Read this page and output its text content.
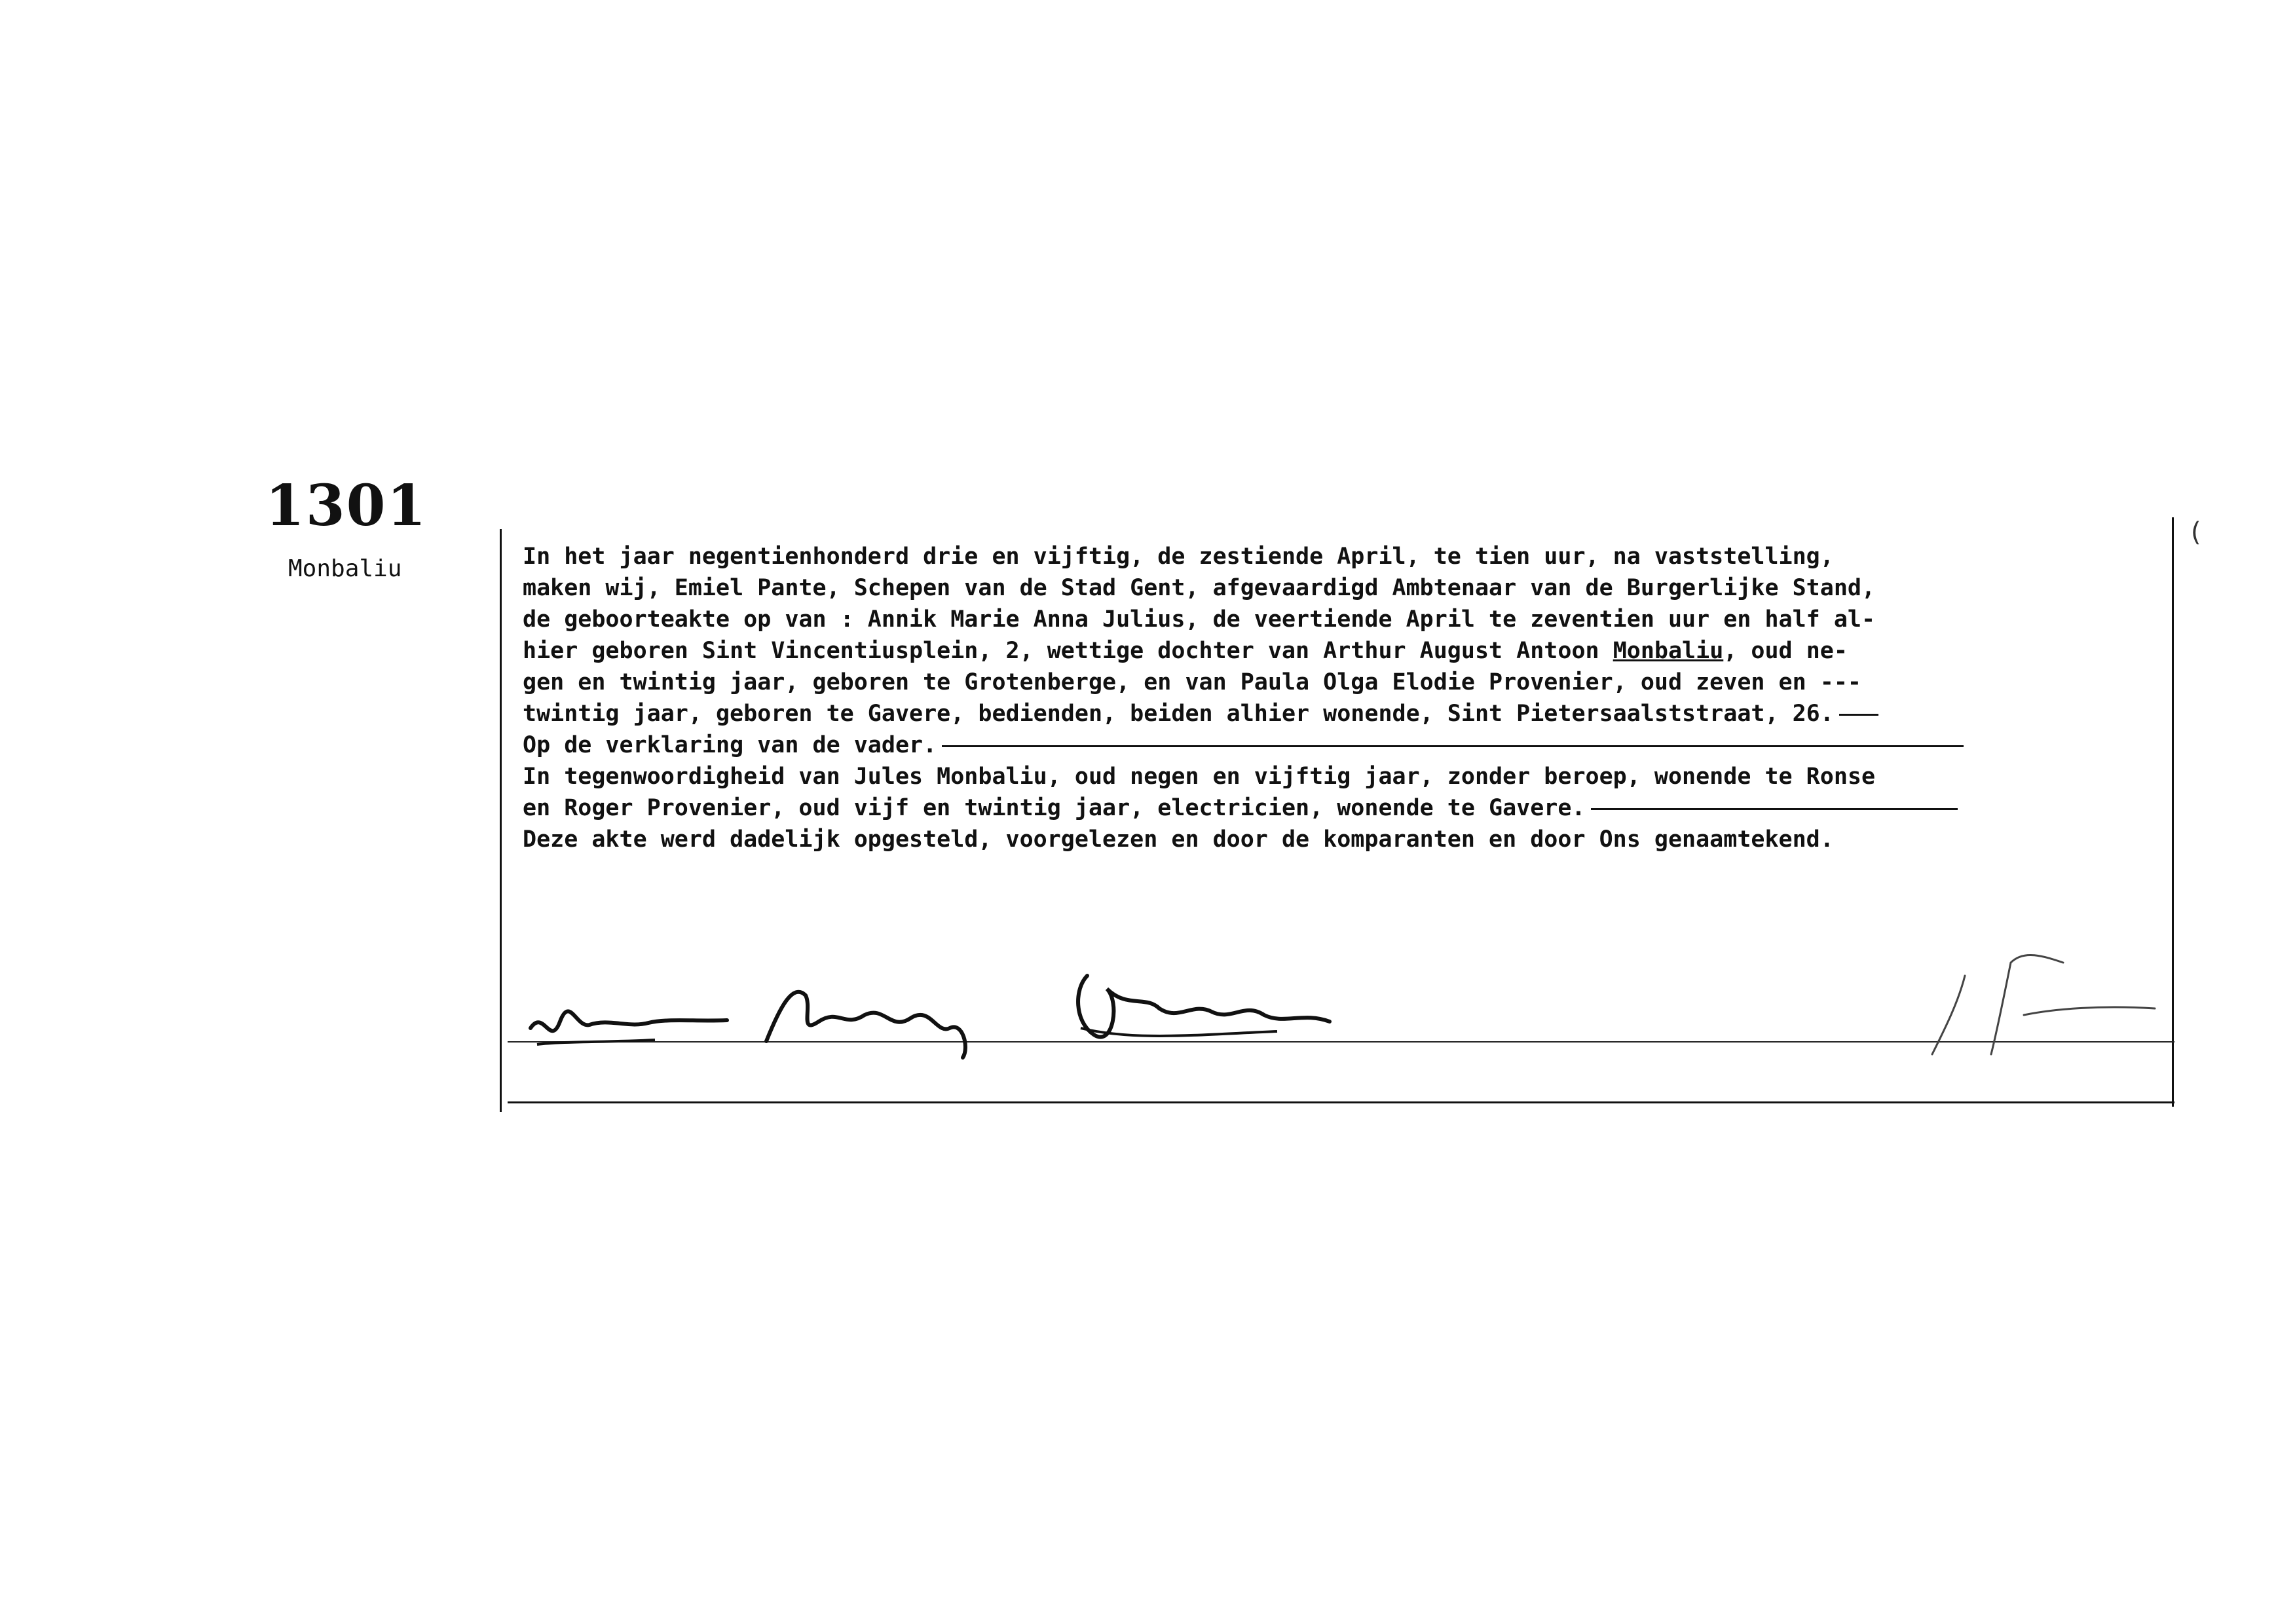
1301
Monbaliu
(
In het jaar negentienhonderd drie en vijftig, de zestiende April, te tien uur, na vaststelling,
maken wij, Emiel Pante, Schepen van de Stad Gent, afgevaardigd Ambtenaar van de Burgerlijke Stand,
de geboorteakte op van : Annik Marie Anna Julius, de veertiende April te zeventien uur en half al-
hier geboren Sint Vincentiusplein, 2, wettige dochter van Arthur August Antoon Monbaliu, oud ne-
gen en twintig jaar, geboren te Grotenberge, en van Paula Olga Elodie Provenier, oud zeven en ---
twintig jaar, geboren te Gavere, bedienden, beiden alhier wonende, Sint Pietersaalststraat, 26.
Op de verklaring van de vader.
In tegenwoordigheid van Jules Monbaliu, oud negen en vijftig jaar, zonder beroep, wonende te Ronse
en Roger Provenier, oud vijf en twintig jaar, electricien, wonende te Gavere.
Deze akte werd dadelijk opgesteld, voorgelezen en door de komparanten en door Ons genaamtekend.
